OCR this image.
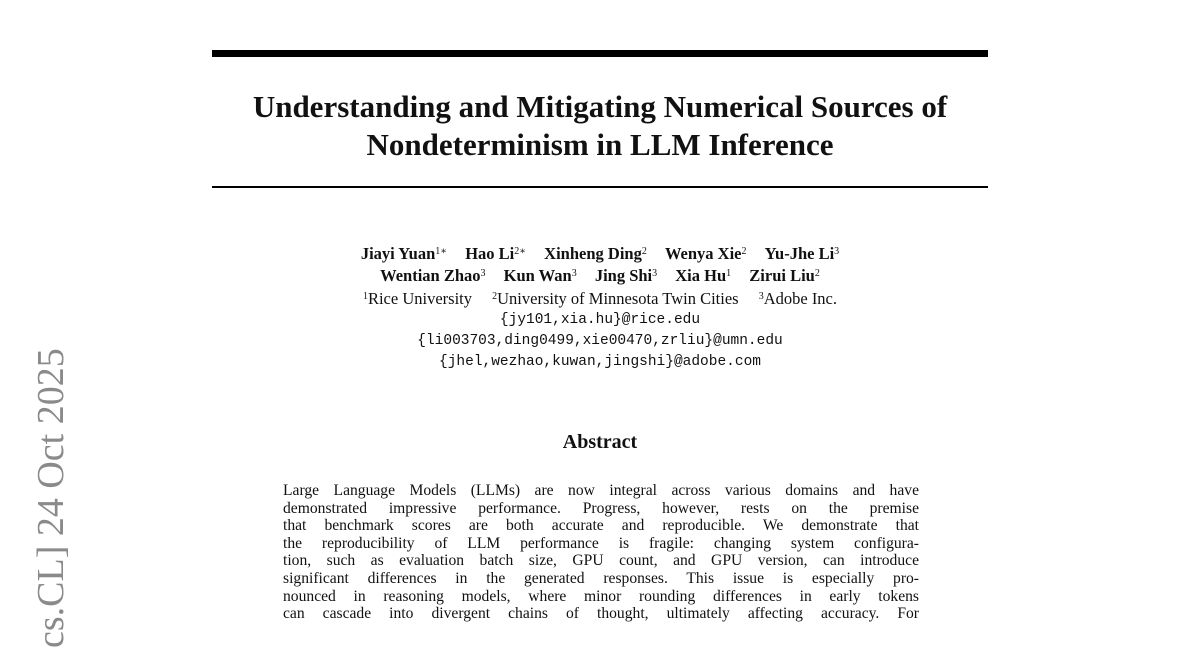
Understanding and Mitigating Numerical Sources of
Nondeterminism in LLM Inference
Jiayi Yuan$^{1∗}$ Hao $Li^{2∗}$ Xinheng Ding$^2$ Wenya Xie$^2$ Yu-Jhe Li$^3$
Wentian Zhao$^3$ Kun Wan$^3$ Jing Shi$^3$ Xia Hu$^1$ Zirui Liu$^2$
$^1$Rice University $^2$University of Minnesota Twin Cities $^3$Adobe Inc.
{jy101,xia.hu}@rice.edu
{li003703,ding0499,xie00470,zrliu}@umn.edu
{jhel,wezhao,kuwan,jingshi}@adobe.com
Abstract
Large Language Models (LLMs) are now integral across various domains and have
demonstrated impressive performance. Progress, however, rests on the premise
that benchmark scores are both accurate and reproducible. We demonstrate that
the reproducibility of LLM performance is fragile: changing system configura-
tion, such as evaluation batch size, GPU count, and GPU version, can introduce
significant differences in the generated responses. This issue is especially pro-
nounced in reasoning models, where minor rounding differences in early tokens
can cascade into divergent chains of thought, ultimately affecting accuracy. For
cs.CL] 24 Oct 2025
